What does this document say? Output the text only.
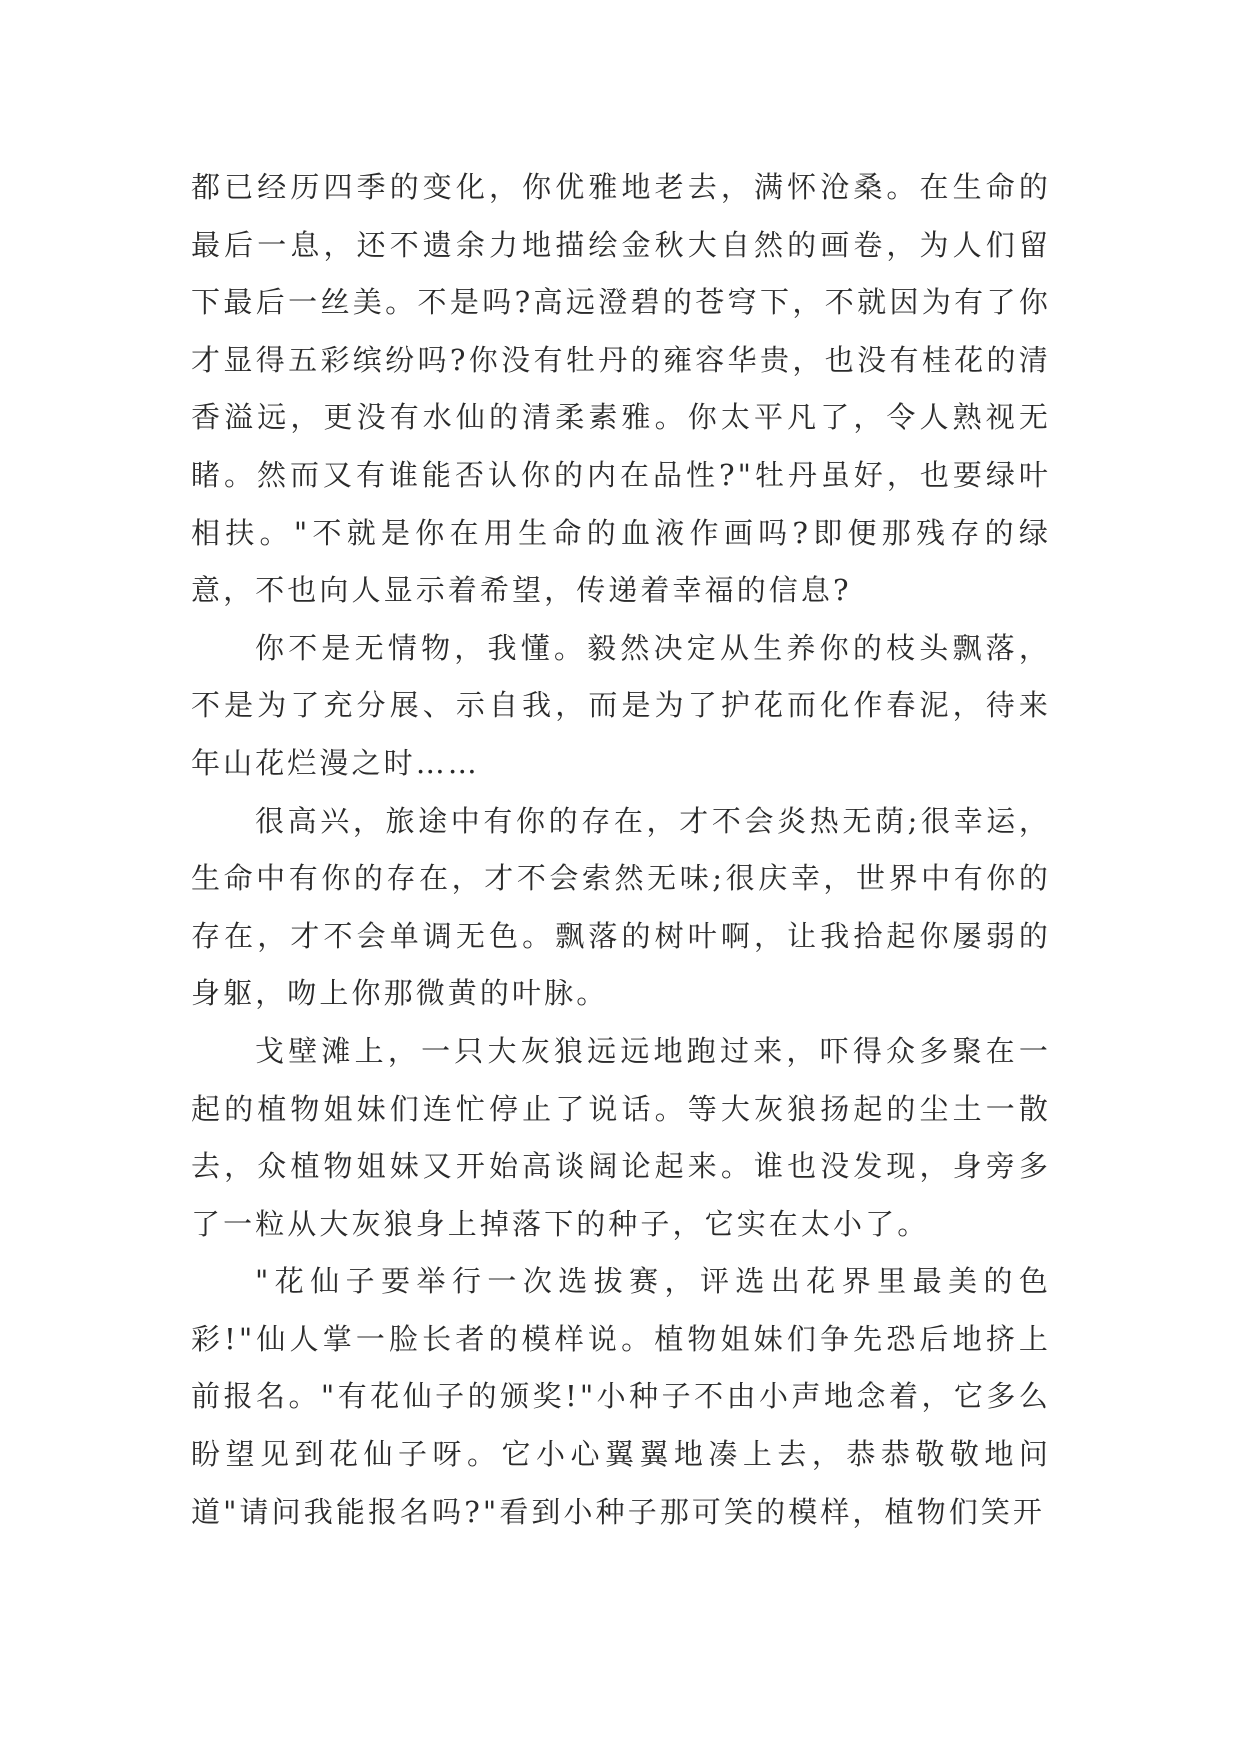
都已经历四季的变化，你优雅地老去，满怀沧桑。在生命的最后一息，还不遗余力地描绘金秋大自然的画卷，为人们留下最后一丝美。不是吗?高远澄碧的苍穹下，不就因为有了你才显得五彩缤纷吗?你没有牡丹的雍容华贵，也没有桂花的清香溢远，更没有水仙的清柔素雅。你太平凡了，令人熟视无睹。然而又有谁能否认你的内在品性?"牡丹虽好，也要绿叶相扶。"不就是你在用生命的血液作画吗?即便那残存的绿意，不也向人显示着希望，传递着幸福的信息?

你不是无情物，我懂。毅然决定从生养你的枝头飘落，不是为了充分展、示自我，而是为了护花而化作春泥，待来年山花烂漫之时……

很高兴，旅途中有你的存在，才不会炎热无荫;很幸运，生命中有你的存在，才不会索然无味;很庆幸，世界中有你的存在，才不会单调无色。飘落的树叶啊，让我拾起你屡弱的身躯，吻上你那微黄的叶脉。

戈壁滩上，一只大灰狼远远地跑过来，吓得众多聚在一起的植物姐妹们连忙停止了说话。等大灰狼扬起的尘土一散去，众植物姐妹又开始高谈阔论起来。谁也没发现，身旁多了一粒从大灰狼身上掉落下的种子，它实在太小了。

"花仙子要举行一次选拔赛，评选出花界里最美的色彩!"仙人掌一脸长者的模样说。植物姐妹们争先恐后地挤上前报名。"有花仙子的颁奖!"小种子不由小声地念着，它多么盼望见到花仙子呀。它小心翼翼地凑上去，恭恭敬敬地问道"请问我能报名吗?"看到小种子那可笑的模样，植物们笑开
